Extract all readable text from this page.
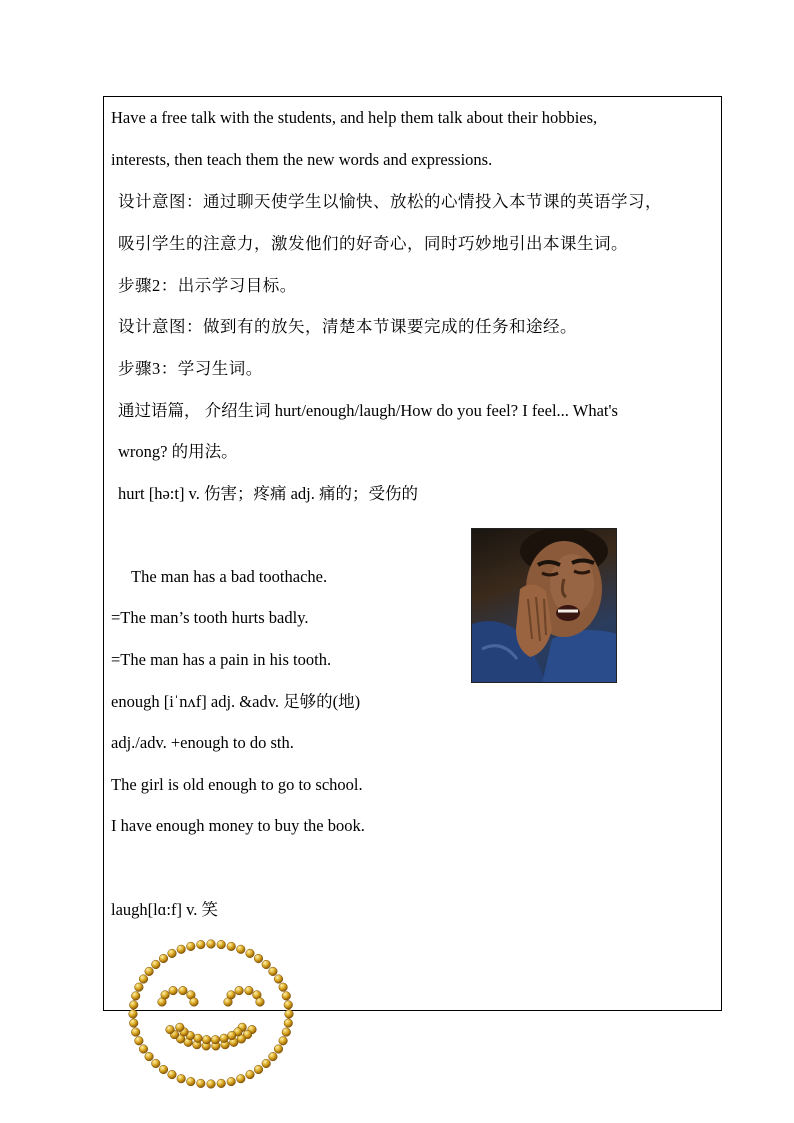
Have a free talk with the students, and help them talk about their hobbies,
interests, then teach them the new words and expressions.
设计意图：通过聊天使学生以愉快、放松的心情投入本节课的英语学习，
吸引学生的注意力，激发他们的好奇心，同时巧妙地引出本课生词。
步骤2：出示学习目标。
设计意图：做到有的放矢，清楚本节课要完成的任务和途经。
步骤3：学习生词。
通过语篇， 介绍生词 hurt/enough/laugh/How do you feel? I feel... What's
wrong? 的用法。
hurt [hə:t] v. 伤害；疼痛 adj. 痛的；受伤的
The man has a bad toothache.
=The man’s tooth hurts badly.
=The man has a pain in his tooth.
enough [iˈnʌf] adj. &adv. 足够的(地)
adj./adv. +enough to do sth.
The girl is old enough to go to school.
I have enough money to buy the book.
laugh[lɑ:f] v. 笑
